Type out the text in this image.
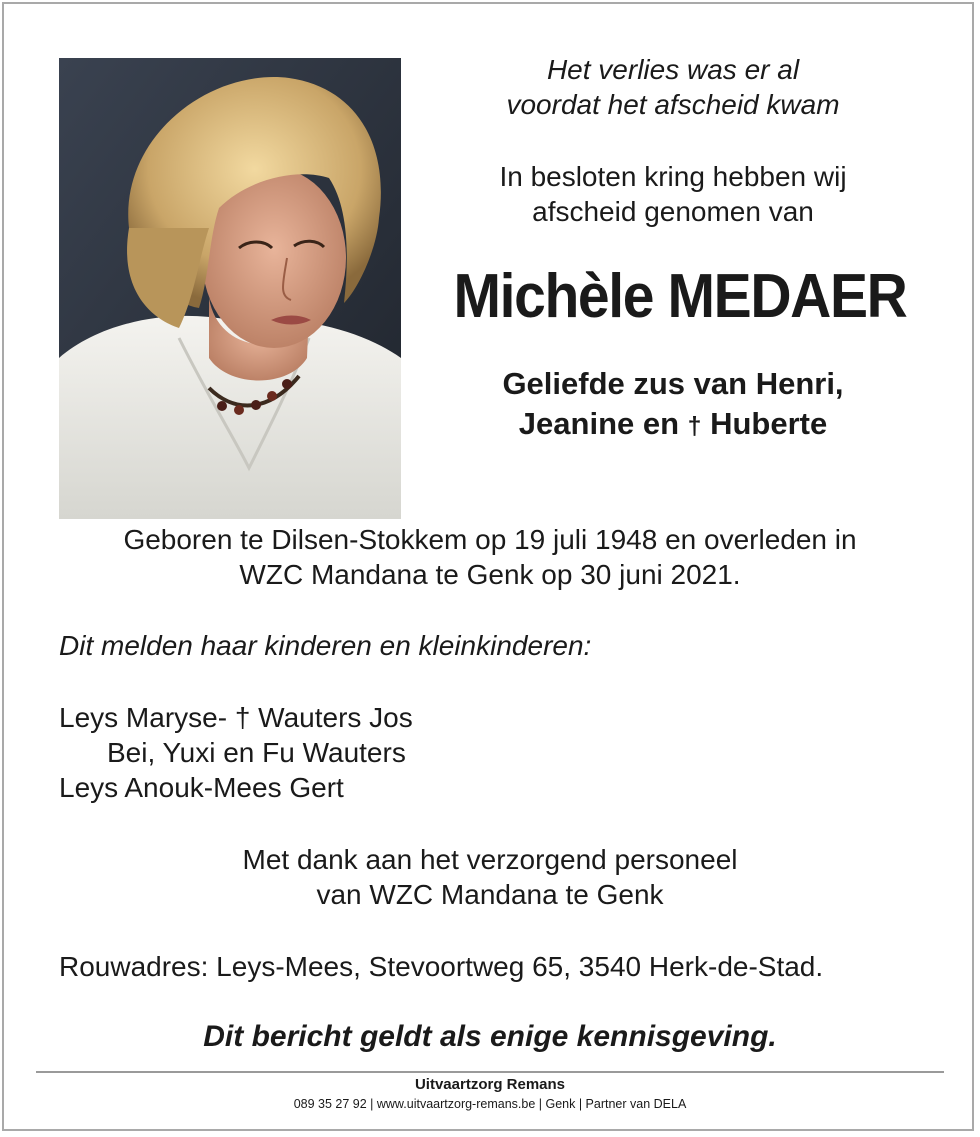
Het verlies was er al
voordat het afscheid kwam
In besloten kring hebben wij
afscheid genomen van
Michèle MEDAER
Geliefde zus van Henri,
Jeanine en † Huberte
Geboren te Dilsen-Stokkem op 19 juli 1948 en overleden in
WZC Mandana te Genk op 30 juni 2021.
Dit melden haar kinderen en kleinkinderen:
Leys Maryse- † Wauters Jos
Bei, Yuxi en Fu Wauters
Leys Anouk-Mees Gert
Met dank aan het verzorgend personeel
van WZC Mandana te Genk
Rouwadres: Leys-Mees, Stevoortweg 65, 3540 Herk-de-Stad.
Dit bericht geldt als enige kennisgeving.
Uitvaartzorg Remans
089 35 27 92 | www.uitvaartzorg-remans.be | Genk | Partner van DELA
